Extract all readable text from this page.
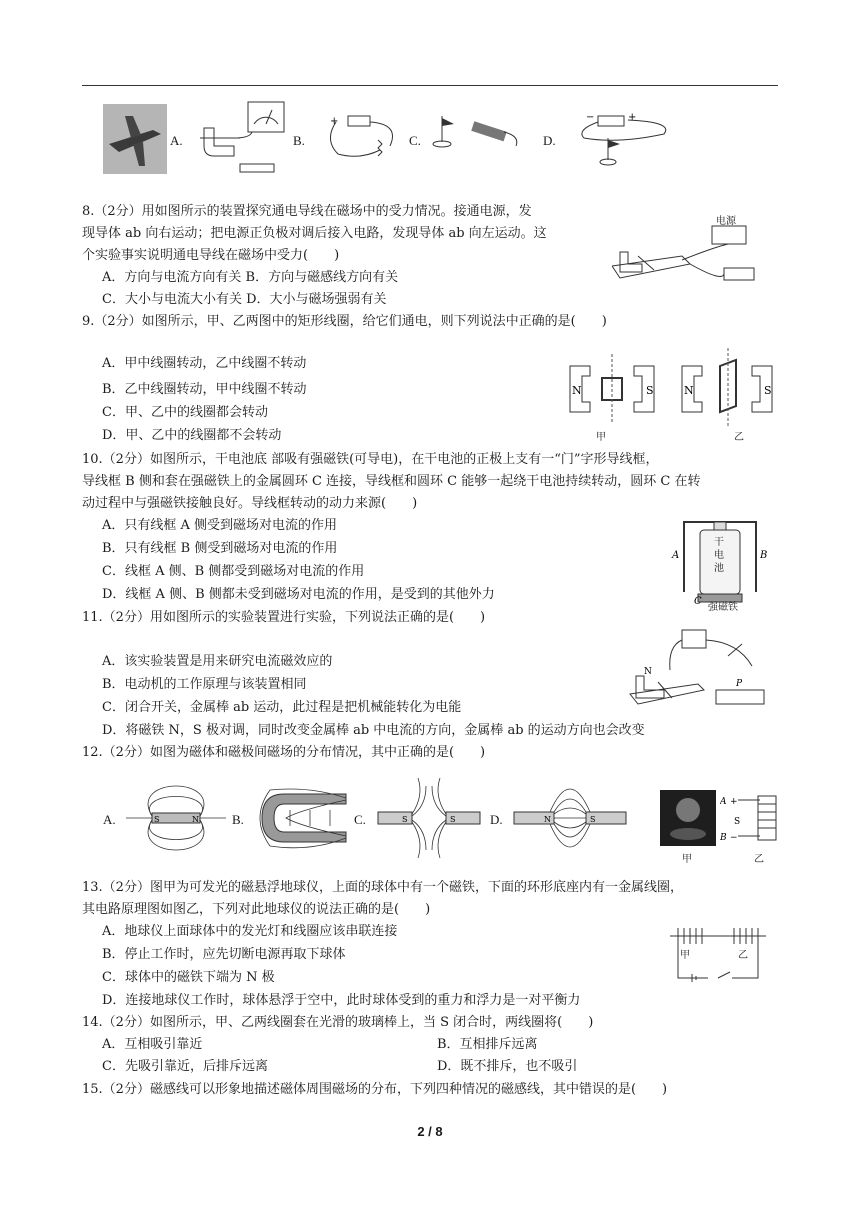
A.	B.
+
C.	D.
−	+
8.（2分）用如图所示的装置探究通电导线在磁场中的受力情况。接通电源，发
现导体 ab 向右运动；把电源正负极对调后接入电路，发现导体 ab 向左运动。这
个实验事实说明通电导线在磁场中受力(　　)
A．方向与电流方向有关 B．方向与磁感线方向有关
C．大小与电流大小有关 D．大小与磁场强弱有关
电源
9.（2分）如图所示，甲、乙两图中的矩形线圈，给它们通电，则下列说法中正确的是(　　)
A．甲中线圈转动，乙中线圈不转动
B．乙中线圈转动，甲中线圈不转动
C．甲、乙中的线圈都会转动
D．甲、乙中的线圈都不会转动
N	S
甲
N	S
乙
10.（2分）如图所示，干电池底 部吸有强磁铁(可导电)，在干电池的正极上支有一“门”字形导线框，
导线框 B 侧和套在强磁铁上的金属圆环 C 连接，导线框和圆环 C 能够一起绕干电池持续转动，圆环 C 在转
动过程中与强磁铁接触良好。导线框转动的动力来源(　　)
A．只有线框 A 侧受到磁场对电流的作用
B．只有线框 B 侧受到磁场对电流的作用
C．线框 A 侧、B 侧都受到磁场对电流的作用
D．线框 A 侧、B 侧都未受到磁场对电流的作用，是受到的其他外力
A	B
C
干电池
强磁铁
11.（2分）用如图所示的实验装置进行实验，下列说法正确的是(　　)
A．该实验装置是用来研究电流磁效应的
B．电动机的工作原理与该装置相同
C．闭合开关，金属棒 ab 运动，此过程是把机械能转化为电能
D．将磁铁 N，S 极对调，同时改变金属棒 ab 中电流的方向，金属棒 ab 的运动方向也会改变
N
P
12.（2分）如图为磁体和磁极间磁场的分布情况，其中正确的是(　　)
A.	S	N	B.	C.	S	S	D.	N	S
甲
A +
B −
S
乙
13.（2分）图甲为可发光的磁悬浮地球仪，上面的球体中有一个磁铁，下面的环形底座内有一金属线圈，
其电路原理图如图乙，下列对此地球仪的说法正确的是(　　)
A．地球仪上面球体中的发光灯和线圈应该串联连接
B．停止工作时，应先切断电源再取下球体
C．球体中的磁铁下端为 N 极
D．连接地球仪工作时，球体悬浮于空中，此时球体受到的重力和浮力是一对平衡力
甲	乙
14.（2分）如图所示，甲、乙两线圈套在光滑的玻璃棒上，当 S 闭合时，两线圈将(　　)
A．互相吸引靠近	B．互相排斥远离
C．先吸引靠近，后排斥远离	D．既不排斥，也不吸引
15.（2分）磁感线可以形象地描述磁体周围磁场的分布，下列四种情况的磁感线，其中错误的是(　　)
2 / 8
